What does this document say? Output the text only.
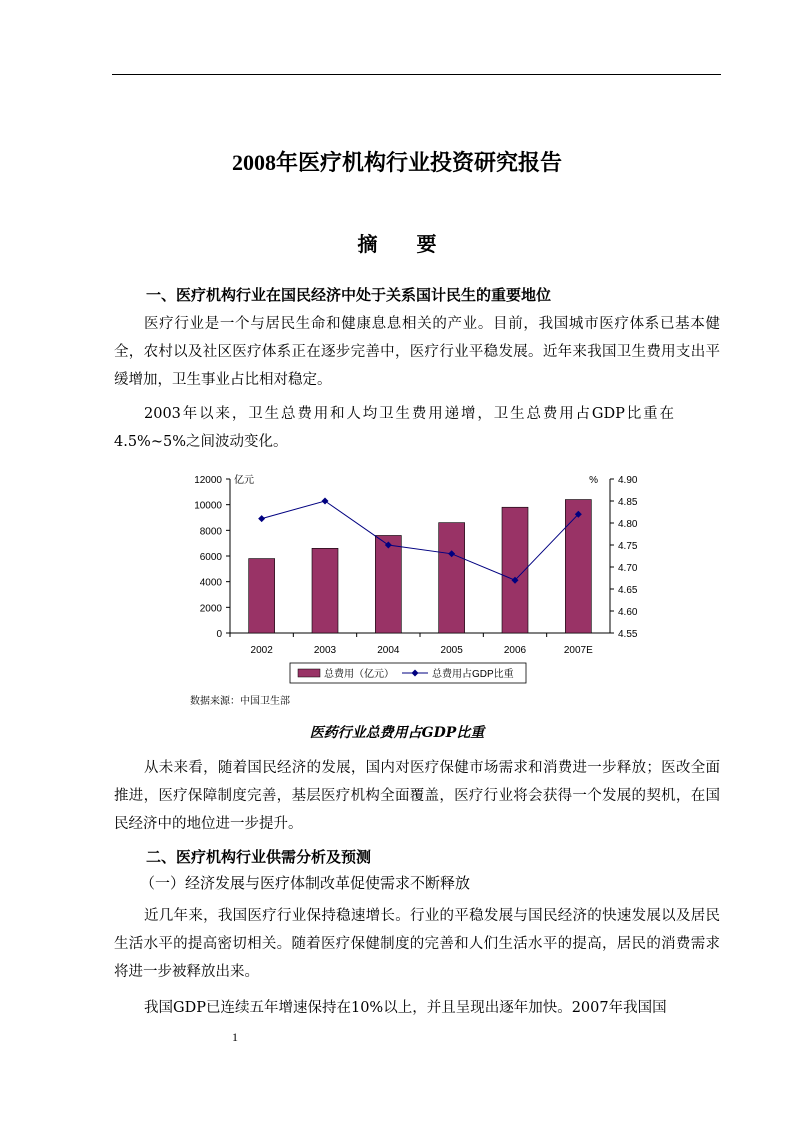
2008年医疗机构行业投资研究报告
摘 要
一、医疗机构行业在国民经济中处于关系国计民生的重要地位
医疗行业是一个与居民生命和健康息息相关的产业。目前，我国城市医疗体系已基本健全，农村以及社区医疗体系正在逐步完善中，医疗行业平稳发展。近年来我国卫生费用支出平缓增加，卫生事业占比相对稳定。
2003年以来，卫生总费用和人均卫生费用递增，卫生总费用占GDP比重在4.5%~5%之间波动变化。
0
2000
4000
6000
8000
10000
12000
4.55
4.60
4.65
4.70
4.75
4.80
4.85
4.90
亿元	%
2002	2003	2004	2005	2006	2007E
总费用（亿元）	总费用占GDP比重
数据来源：中国卫生部
医药行业总费用占GDP比重
从未来看，随着国民经济的发展，国内对医疗保健市场需求和消费进一步释放；医改全面推进，医疗保障制度完善，基层医疗机构全面覆盖，医疗行业将会获得一个发展的契机，在国民经济中的地位进一步提升。
二、医疗机构行业供需分析及预测
（一）经济发展与医疗体制改革促使需求不断释放
近几年来，我国医疗行业保持稳速增长。行业的平稳发展与国民经济的快速发展以及居民生活水平的提高密切相关。随着医疗保健制度的完善和人们生活水平的提高，居民的消费需求将进一步被释放出来。
我国GDP已连续五年增速保持在10%以上，并且呈现出逐年加快。2007年我国国
1
